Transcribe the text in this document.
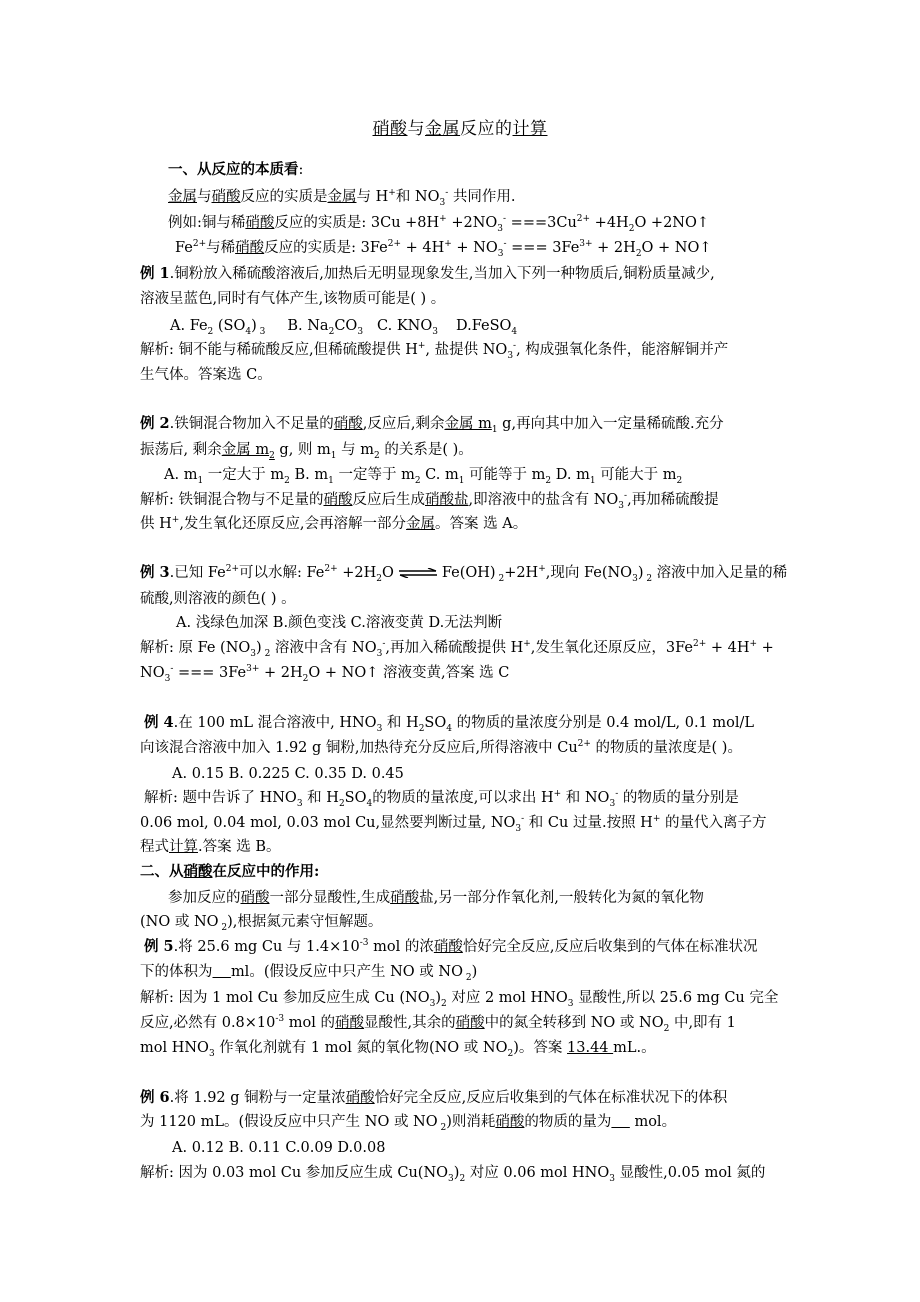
硝酸与金属反应的计算
一、从反应的本质看:
金属与硝酸反应的实质是金属与 H+和 $NO_3^-$ 共同作用.
例如:铜与稀硝酸反应的实质是: $3Cu +8H^+ +2NO_3^- ===3Cu^{2+} +4H_2O$ +2NO↑
$Fe^{2+}$与稀硝酸反应的实质是: $3Fe^{2+} + 4H^+ + NO_3^-$ === $3Fe^{3+} + 2H_2O$ + NO↑
例 1.铜粉放入稀硫酸溶液后,加热后无明显现象发生,当加入下列一种物质后,铜粉质量减少,
溶液呈蓝色,同时有气体产生,该物质可能是( ) 。
A. $Fe_2$ $(SO_4)$ $_3$ B. $Na_2CO_3$ C. $KNO_3$ D.FeSO$_4$
解析: 铜不能与稀硫酸反应,但稀硫酸提供 H+, 盐提供 $NO_3^-$, 构成强氧化条件，能溶解铜并产
生气体。答案选 C。
例 2.铁铜混合物加入不足量的硝酸,反应后,剩余金属 $m_1$ g,再向其中加入一定量稀硫酸.充分
振荡后, 剩余金属 $m_2$ g, 则 $m_1$ 与 $m_2$ 的关系是( )。
A. $m_1$ 一定大于 $m_2$ B. $m_1$ 一定等于 $m_2$ C. $m_1$ 可能等于 $m_2$ D. $m_1$ 可能大于 $m_2$
解析: 铁铜混合物与不足量的硝酸反应后生成硝酸盐,即溶液中的盐含有 $NO_3^-$,再加稀硫酸提
供 H+,发生氧化还原反应,会再溶解一部分金属。答案 选 A。
例 3.已知 $Fe^{2+}$可以水解: $Fe^{2+} +2H_2O$ ⇌ Fe(OH) $_2$+2H+,现向 $Fe(NO_3)$ $_2$ 溶液中加入足量的稀
硫酸,则溶液的颜色( ) 。
A. 浅绿色加深 B.颜色变浅 C.溶液变黄 D.无法判断
解析: 原 Fe $(NO_3)$ $_2$ 溶液中含有 $NO_3^-$,再加入稀硫酸提供 H+,发生氧化还原反应，$3Fe^{2+} + 4H^+$ +
$NO_3^-$ === $3Fe^{3+} + 2H_2O$ + NO↑ 溶液变黄,答案 选 C
例 4.在 100 mL 混合溶液中, $HNO_3$ 和 $H_2SO_4$ 的物质的量浓度分别是 0.4 mol/L, 0.1 mol/L
向该混合溶液中加入 1.92 g 铜粉,加热待充分反应后,所得溶液中 $Cu^{2+}$ 的物质的量浓度是( )。
A. 0.15 B. 0.225 C. 0.35 D. 0.45
解析: 题中告诉了 $HNO_3$ 和 $H_2SO_4$的物质的量浓度,可以求出 H+ 和 $NO_3^-$ 的物质的量分别是
0.06 mol, 0.04 mol, 0.03 mol Cu,显然要判断过量, $NO_3^-$ 和 Cu 过量.按照 H+ 的量代入离子方
程式计算.答案 选 B。
二、从硝酸在反应中的作用:
参加反应的硝酸一部分显酸性,生成硝酸盐,另一部分作氧化剂,一般转化为氮的氧化物
(NO 或 NO $_2$),根据氮元素守恒解题。
例 5.将 25.6 mg Cu 与 $1.4\times 10^{-3}$ mol 的浓硝酸恰好完全反应,反应后收集到的气体在标准状况
下的体积为 ml。(假设反应中只产生 NO 或 NO $_2$)
解析: 因为 1 mol Cu 参加反应生成 Cu $(NO_3)_2$ 对应 2 mol $HNO_3$ 显酸性,所以 25.6 mg Cu 完全
反应,必然有 $0.8\times 10^{-3}$ mol 的硝酸显酸性,其余的硝酸中的氮全转移到 NO 或 $NO_2$ 中,即有 1
mol $HNO_3$ 作氧化剂就有 1 mol 氮的氧化物(NO 或 $NO_2$)。答案 13.44 mL.。
例 6.将 1.92 g 铜粉与一定量浓硝酸恰好完全反应,反应后收集到的气体在标准状况下的体积
为 1120 mL。(假设反应中只产生 NO 或 NO $_2$)则消耗硝酸的物质的量为     mol。
A. 0.12 B. 0.11 C.0.09 D.0.08
解析: 因为 0.03 mol Cu 参加反应生成 $Cu(NO_3)_2$ 对应 0.06 mol $HNO_3$ 显酸性,0.05 mol 氮的
